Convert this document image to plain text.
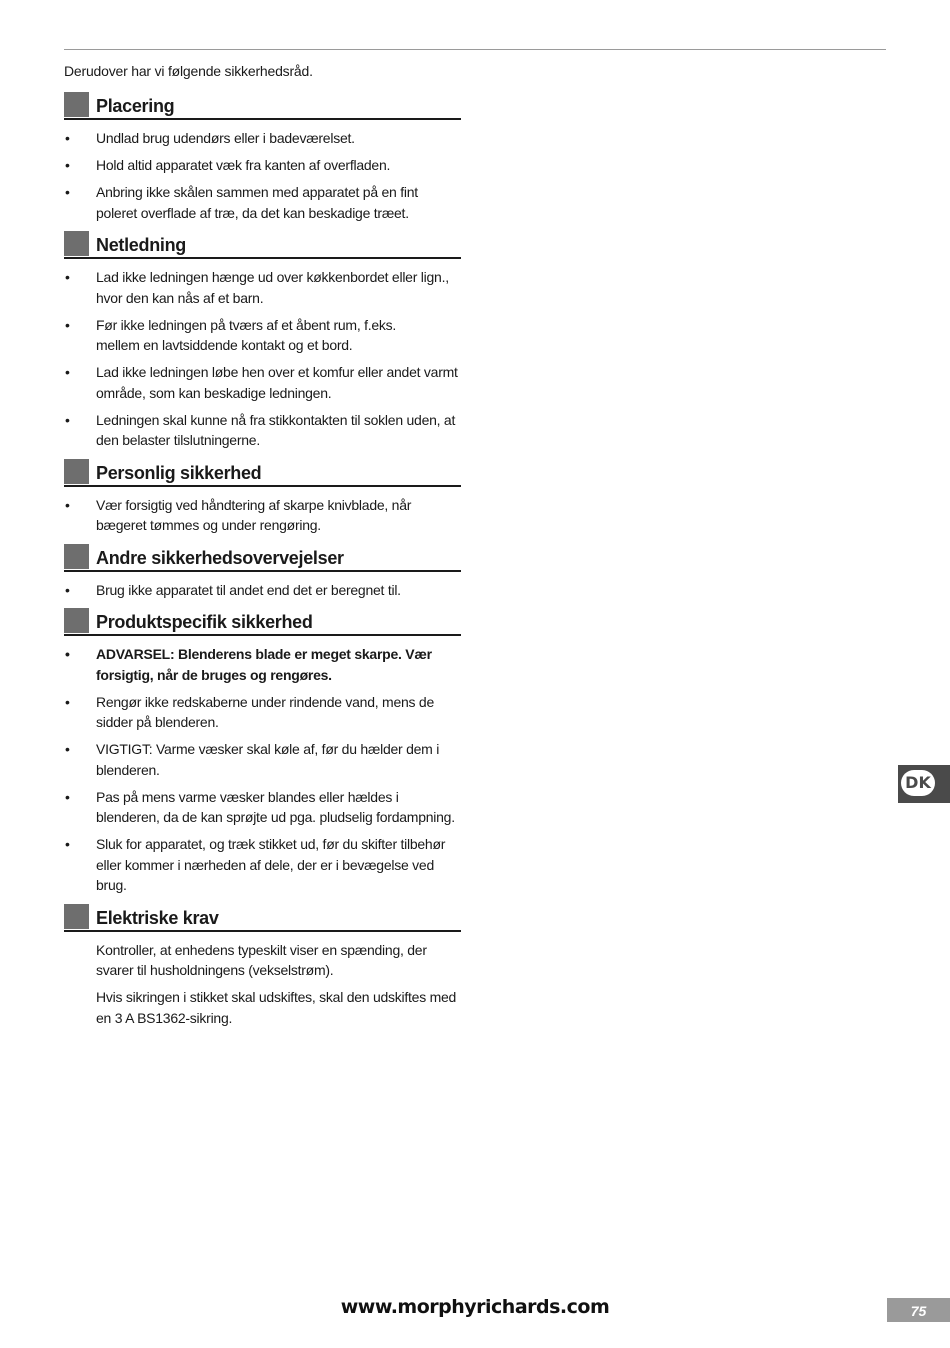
Derudover har vi følgende sikkerhedsråd.
Placering
• Undlad brug udendørs eller i badeværelset.
• Hold altid apparatet væk fra kanten af overfladen.
• Anbring ikke skålen sammen med apparatet på en fint poleret overflade af træ, da det kan beskadige træet.
Netledning
• Lad ikke ledningen hænge ud over køkkenbordet eller lign., hvor den kan nås af et barn.
• Før ikke ledningen på tværs af et åbent rum, f.eks.
mellem en lavtsiddende kontakt og et bord.
• Lad ikke ledningen løbe hen over et komfur eller andet varmt område, som kan beskadige ledningen.
• Ledningen skal kunne nå fra stikkontakten til soklen uden, at den belaster tilslutningerne.
Personlig sikkerhed
• Vær forsigtig ved håndtering af skarpe knivblade, når bægeret tømmes og under rengøring.
Andre sikkerhedsovervejelser
• Brug ikke apparatet til andet end det er beregnet til.
Produktspecifik sikkerhed
• ADVARSEL: Blenderens blade er meget skarpe. Vær forsigtig, når de bruges og rengøres.
• Rengør ikke redskaberne under rindende vand, mens de sidder på blenderen.
• VIGTIGT: Varme væsker skal køle af, før du hælder dem i blenderen.
• Pas på mens varme væsker blandes eller hældes i blenderen, da de kan sprøjte ud pga. pludselig fordampning.
• Sluk for apparatet, og træk stikket ud, før du skifter tilbehør eller kommer i nærheden af dele, der er i bevægelse ved brug.
Elektriske krav
Kontroller, at enhedens typeskilt viser en spænding, der svarer til husholdningens (vekselstrøm).
Hvis sikringen i stikket skal udskiftes, skal den udskiftes med en 3 A BS1362-sikring.
DK
www.morphyrichards.com	75
